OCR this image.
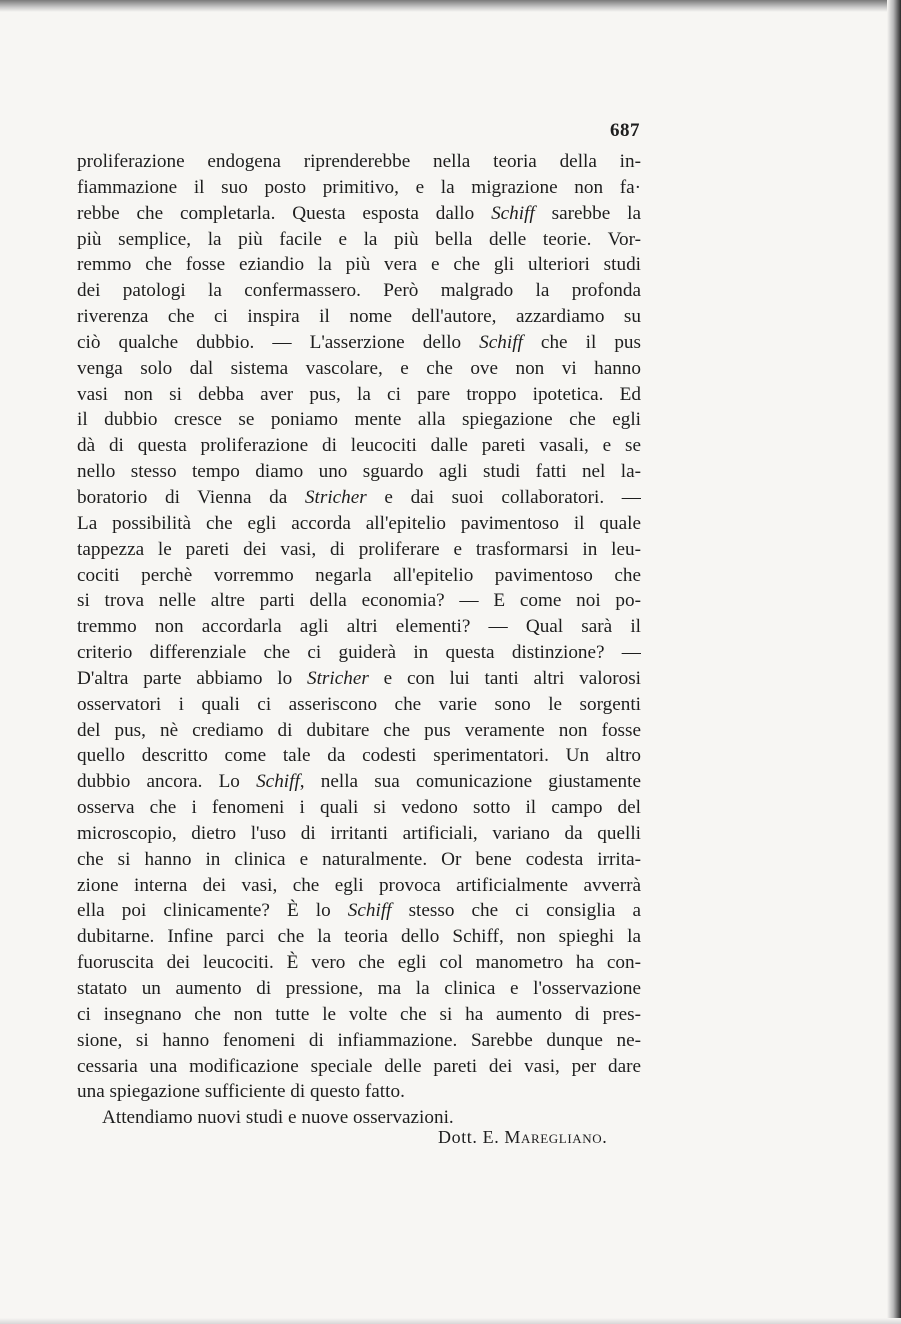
687
proliferazione endogena riprenderebbe nella teoria della in-
fiammazione il suo posto primitivo, e la migrazione non fa·
rebbe che completarla. Questa esposta dallo Schiff sarebbe la
più semplice, la più facile e la più bella delle teorie. Vor-
remmo che fosse eziandio la più vera e che gli ulteriori studi
dei patologi la confermassero. Però malgrado la profonda
riverenza che ci inspira il nome dell'autore, azzardiamo su
ciò qualche dubbio. — L'asserzione dello Schiff che il pus
venga solo dal sistema vascolare, e che ove non vi hanno
vasi non si debba aver pus, la ci pare troppo ipotetica. Ed
il dubbio cresce se poniamo mente alla spiegazione che egli
dà di questa proliferazione di leucociti dalle pareti vasali, e se
nello stesso tempo diamo uno sguardo agli studi fatti nel la-
boratorio di Vienna da Stricher e dai suoi collaboratori. —
La possibilità che egli accorda all'epitelio pavimentoso il quale
tappezza le pareti dei vasi, di proliferare e trasformarsi in leu-
cociti perchè vorremmo negarla all'epitelio pavimentoso che
si trova nelle altre parti della economia? — E come noi po-
tremmo non accordarla agli altri elementi? — Qual sarà il
criterio differenziale che ci guiderà in questa distinzione? —
D'altra parte abbiamo lo Stricher e con lui tanti altri valorosi
osservatori i quali ci asseriscono che varie sono le sorgenti
del pus, nè crediamo di dubitare che pus veramente non fosse
quello descritto come tale da codesti sperimentatori. Un altro
dubbio ancora. Lo Schiff, nella sua comunicazione giustamente
osserva che i fenomeni i quali si vedono sotto il campo del
microscopio, dietro l'uso di irritanti artificiali, variano da quelli
che si hanno in clinica e naturalmente. Or bene codesta irrita-
zione interna dei vasi, che egli provoca artificialmente avverrà
ella poi clinicamente? È lo Schiff stesso che ci consiglia a
dubitarne. Infine parci che la teoria dello Schiff, non spieghi la
fuoruscita dei leucociti. È vero che egli col manometro ha con-
statato un aumento di pressione, ma la clinica e l'osservazione
ci insegnano che non tutte le volte che si ha aumento di pres-
sione, si hanno fenomeni di infiammazione. Sarebbe dunque ne-
cessaria una modificazione speciale delle pareti dei vasi, per dare
una spiegazione sufficiente di questo fatto.
Attendiamo nuovi studi e nuove osservazioni.
Dott. E. Maregliano.
